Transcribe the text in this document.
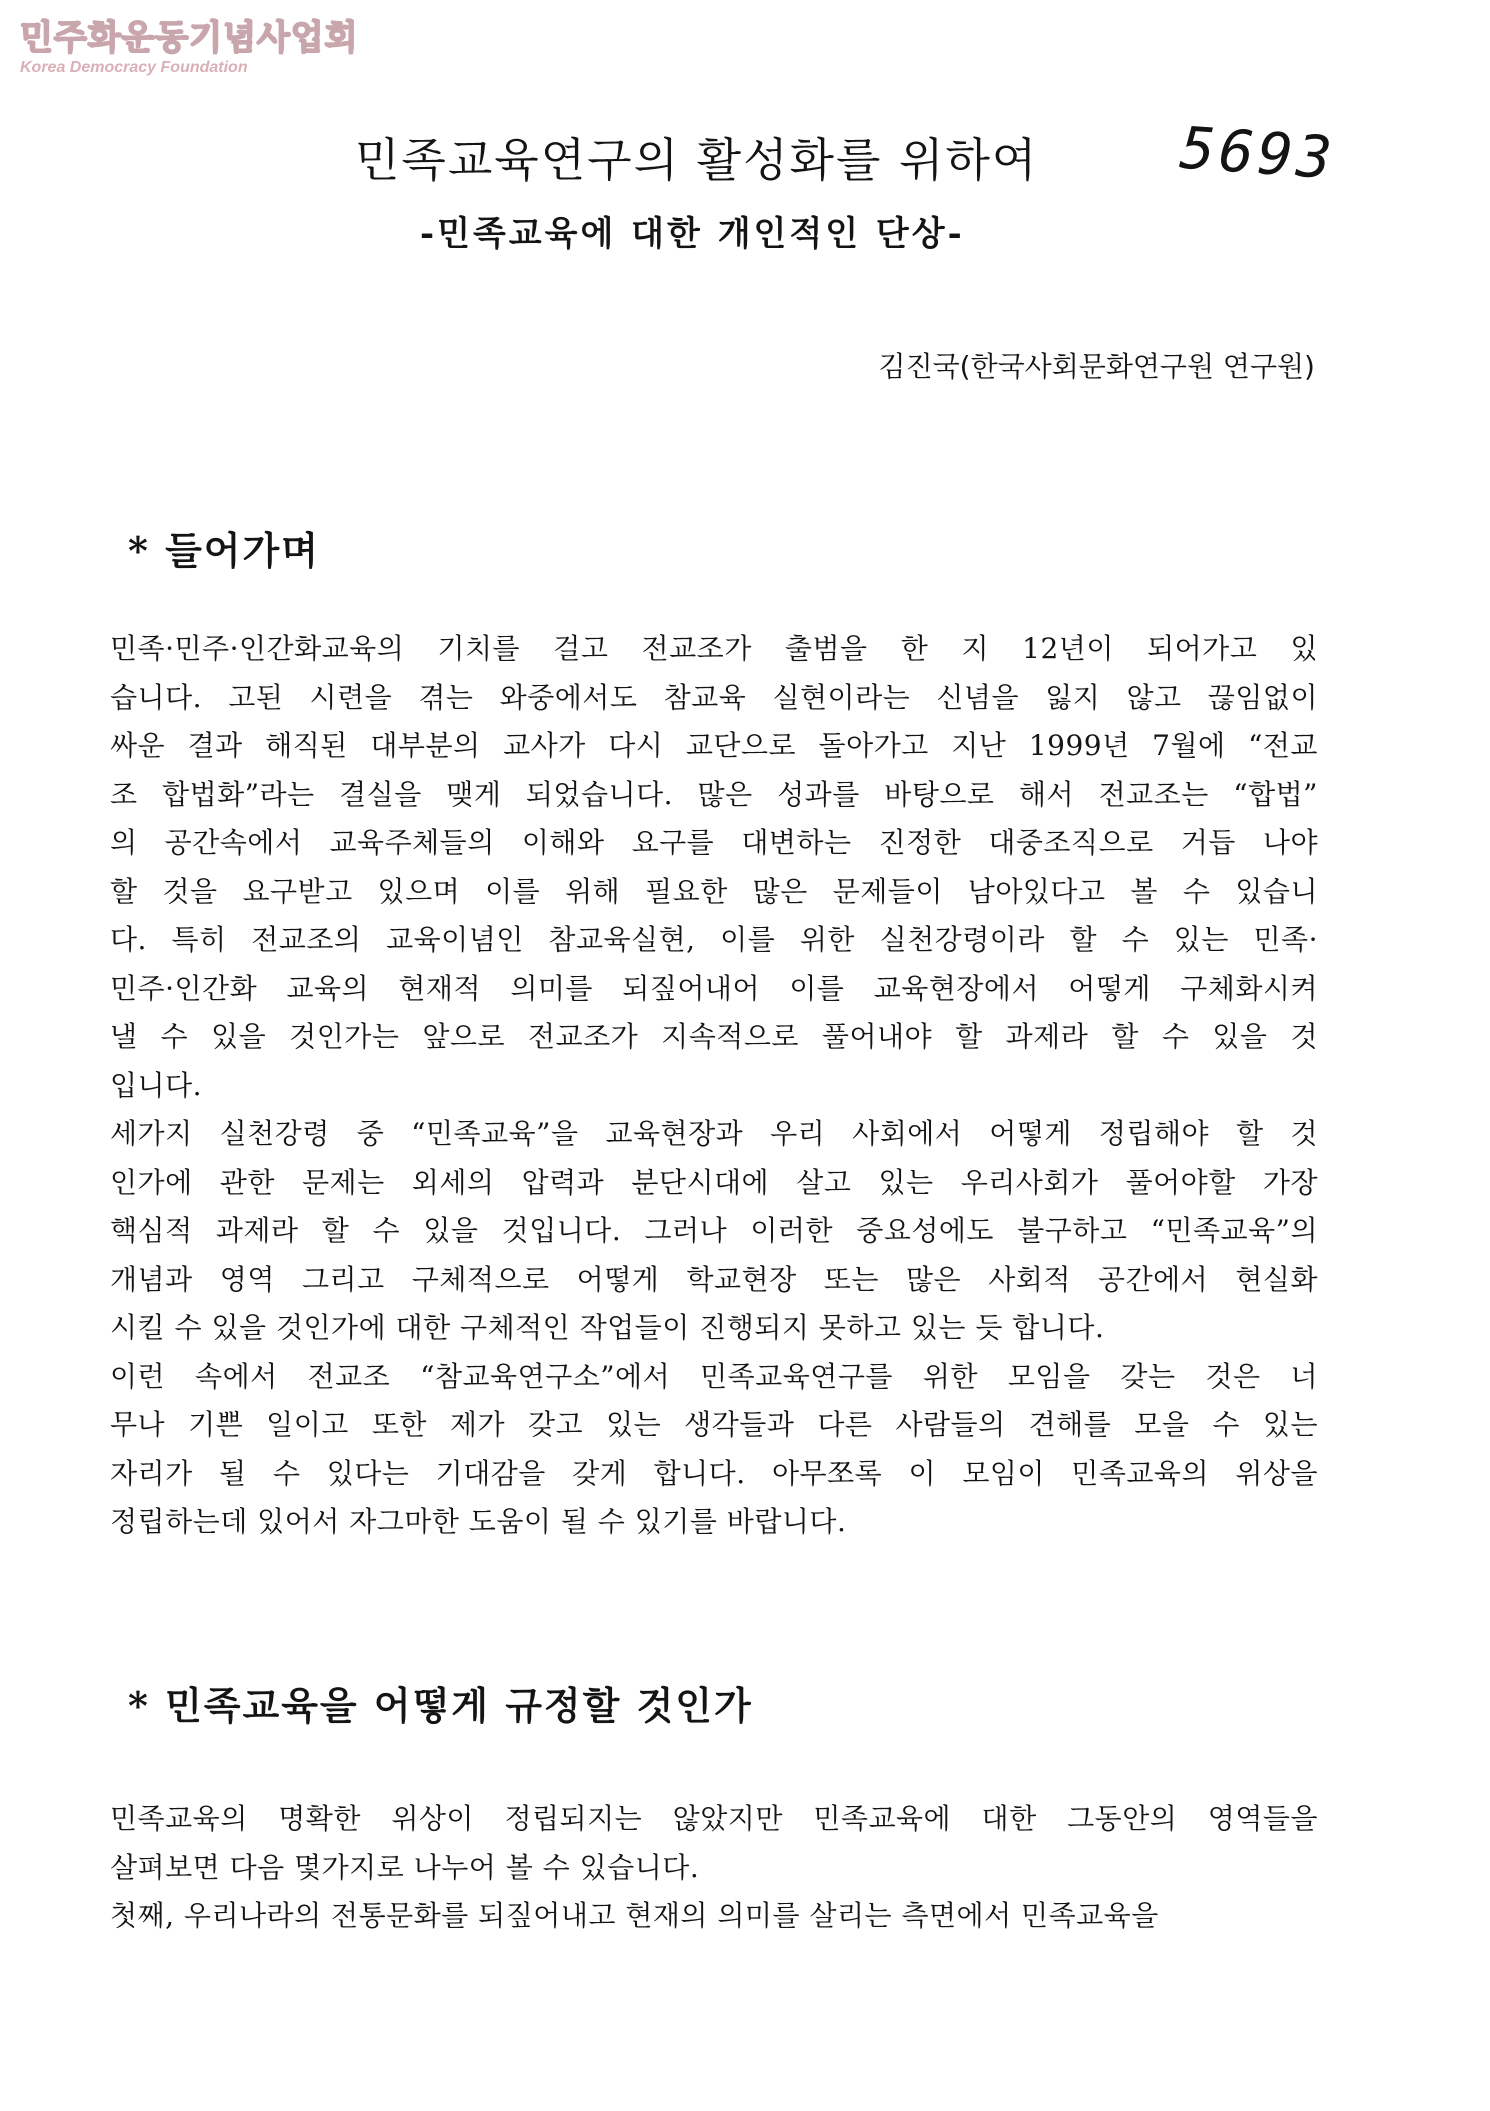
민주화운동기념사업회
Korea Democracy Foundation
민족교육연구의 활성화를 위하여 5693
-민족교육에 대한 개인적인 단상-
김진국(한국사회문화연구원 연구원)
* 들어가며
민족·민주·인간화교육의 기치를 걸고 전교조가 출범을 한 지 12년이 되어가고 있
습니다. 고된 시련을 겪는 와중에서도 참교육 실현이라는 신념을 잃지 않고 끊임없이
싸운 결과 해직된 대부분의 교사가 다시 교단으로 돌아가고 지난 1999년 7월에 “전교
조 합법화”라는 결실을 맺게 되었습니다. 많은 성과를 바탕으로 해서 전교조는 “합법”
의 공간속에서 교육주체들의 이해와 요구를 대변하는 진정한 대중조직으로 거듭 나야
할 것을 요구받고 있으며 이를 위해 필요한 많은 문제들이 남아있다고 볼 수 있습니
다. 특히 전교조의 교육이념인 참교육실현, 이를 위한 실천강령이라 할 수 있는 민족·
민주·인간화 교육의 현재적 의미를 되짚어내어 이를 교육현장에서 어떻게 구체화시켜
낼 수 있을 것인가는 앞으로 전교조가 지속적으로 풀어내야 할 과제라 할 수 있을 것
입니다.
세가지 실천강령 중 “민족교육”을 교육현장과 우리 사회에서 어떻게 정립해야 할 것
인가에 관한 문제는 외세의 압력과 분단시대에 살고 있는 우리사회가 풀어야할 가장
핵심적 과제라 할 수 있을 것입니다. 그러나 이러한 중요성에도 불구하고 “민족교육”의
개념과 영역 그리고 구체적으로 어떻게 학교현장 또는 많은 사회적 공간에서 현실화
시킬 수 있을 것인가에 대한 구체적인 작업들이 진행되지 못하고 있는 듯 합니다.
이런 속에서 전교조 “참교육연구소”에서 민족교육연구를 위한 모임을 갖는 것은 너
무나 기쁜 일이고 또한 제가 갖고 있는 생각들과 다른 사람들의 견해를 모을 수 있는
자리가 될 수 있다는 기대감을 갖게 합니다. 아무쪼록 이 모임이 민족교육의 위상을
정립하는데 있어서 자그마한 도움이 될 수 있기를 바랍니다.
* 민족교육을 어떻게 규정할 것인가
민족교육의 명확한 위상이 정립되지는 않았지만 민족교육에 대한 그동안의 영역들을
살펴보면 다음 몇가지로 나누어 볼 수 있습니다.
첫째, 우리나라의 전통문화를 되짚어내고 현재의 의미를 살리는 측면에서 민족교육을
